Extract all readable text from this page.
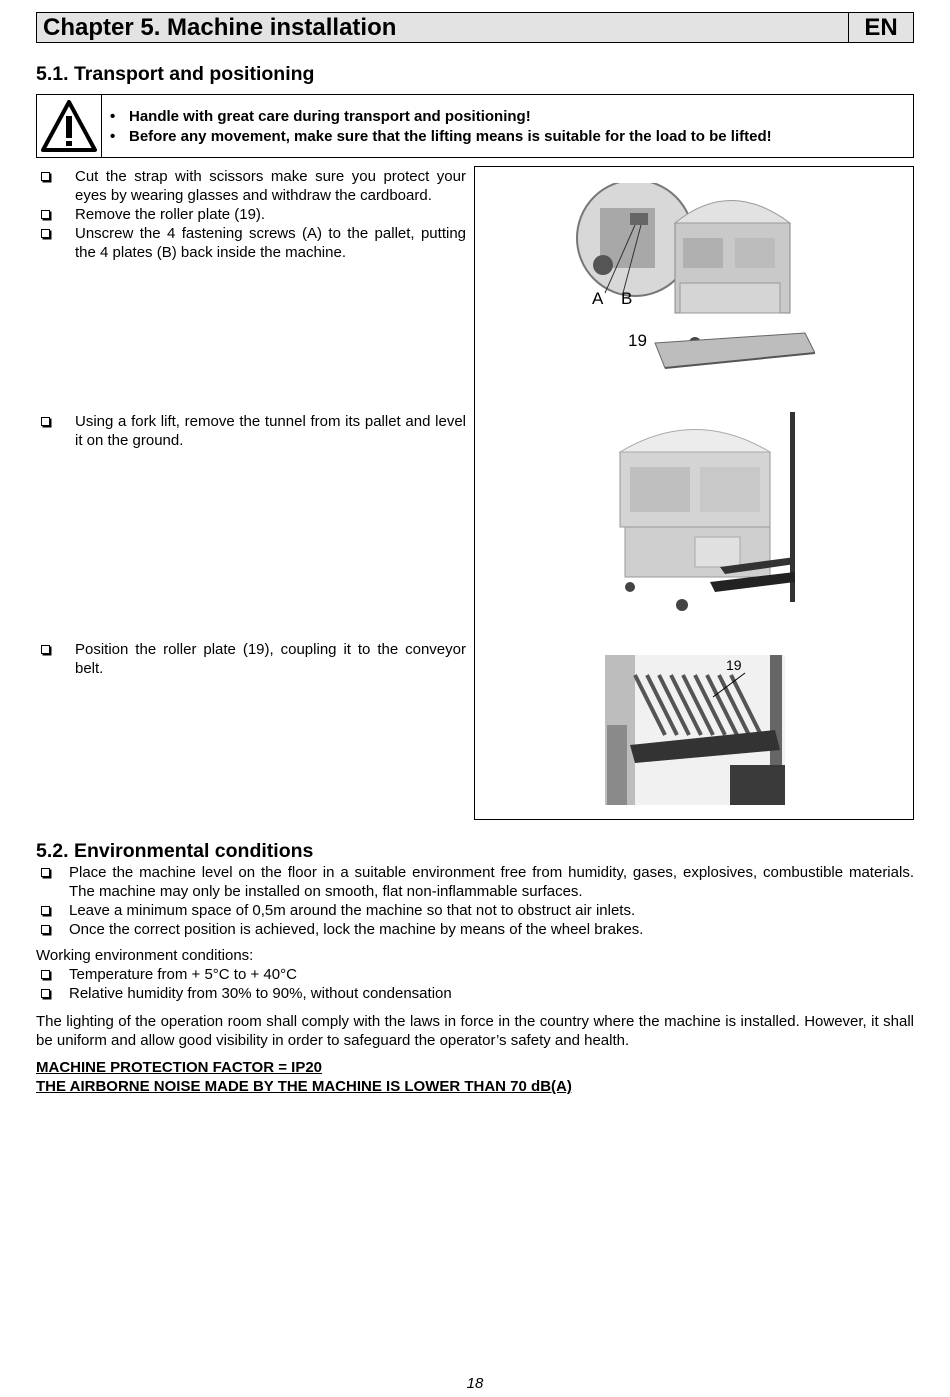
Chapter 5. Machine installation	EN
5.1. Transport and positioning
• Handle with great care during transport and positioning!
• Before any movement, make sure that the lifting means is suitable for the load to be lifted!
Cut the strap with scissors make sure you protect your eyes by wearing glasses and withdraw the cardboard.
Remove the roller plate (19).
Unscrew the 4 fastening screws (A) to the pallet, putting the 4 plates (B) back inside the machine.
Using a fork lift, remove the tunnel from its pallet and level it on the ground.
Position the roller plate (19), coupling it to the conveyor belt.
A B
19
19
5.2. Environmental conditions
Place the machine level on the floor in a suitable environment free from humidity, gases, explosives, combustible materials. The machine may only be installed on smooth, flat non-inflammable surfaces.
Leave a minimum space of 0,5m around the machine so that not to obstruct air inlets.
Once the correct position is achieved, lock the machine by means of the wheel brakes.
Working environment conditions:
Temperature from + 5°C to + 40°C
Relative humidity from 30% to 90%, without condensation
The lighting of the operation room shall comply with the laws in force in the country where the machine is installed. However, it shall be uniform and allow good visibility in order to safeguard the operator’s safety and health.
MACHINE PROTECTION FACTOR = IP20
THE AIRBORNE NOISE MADE BY THE MACHINE IS LOWER THAN 70 dB(A)
18
